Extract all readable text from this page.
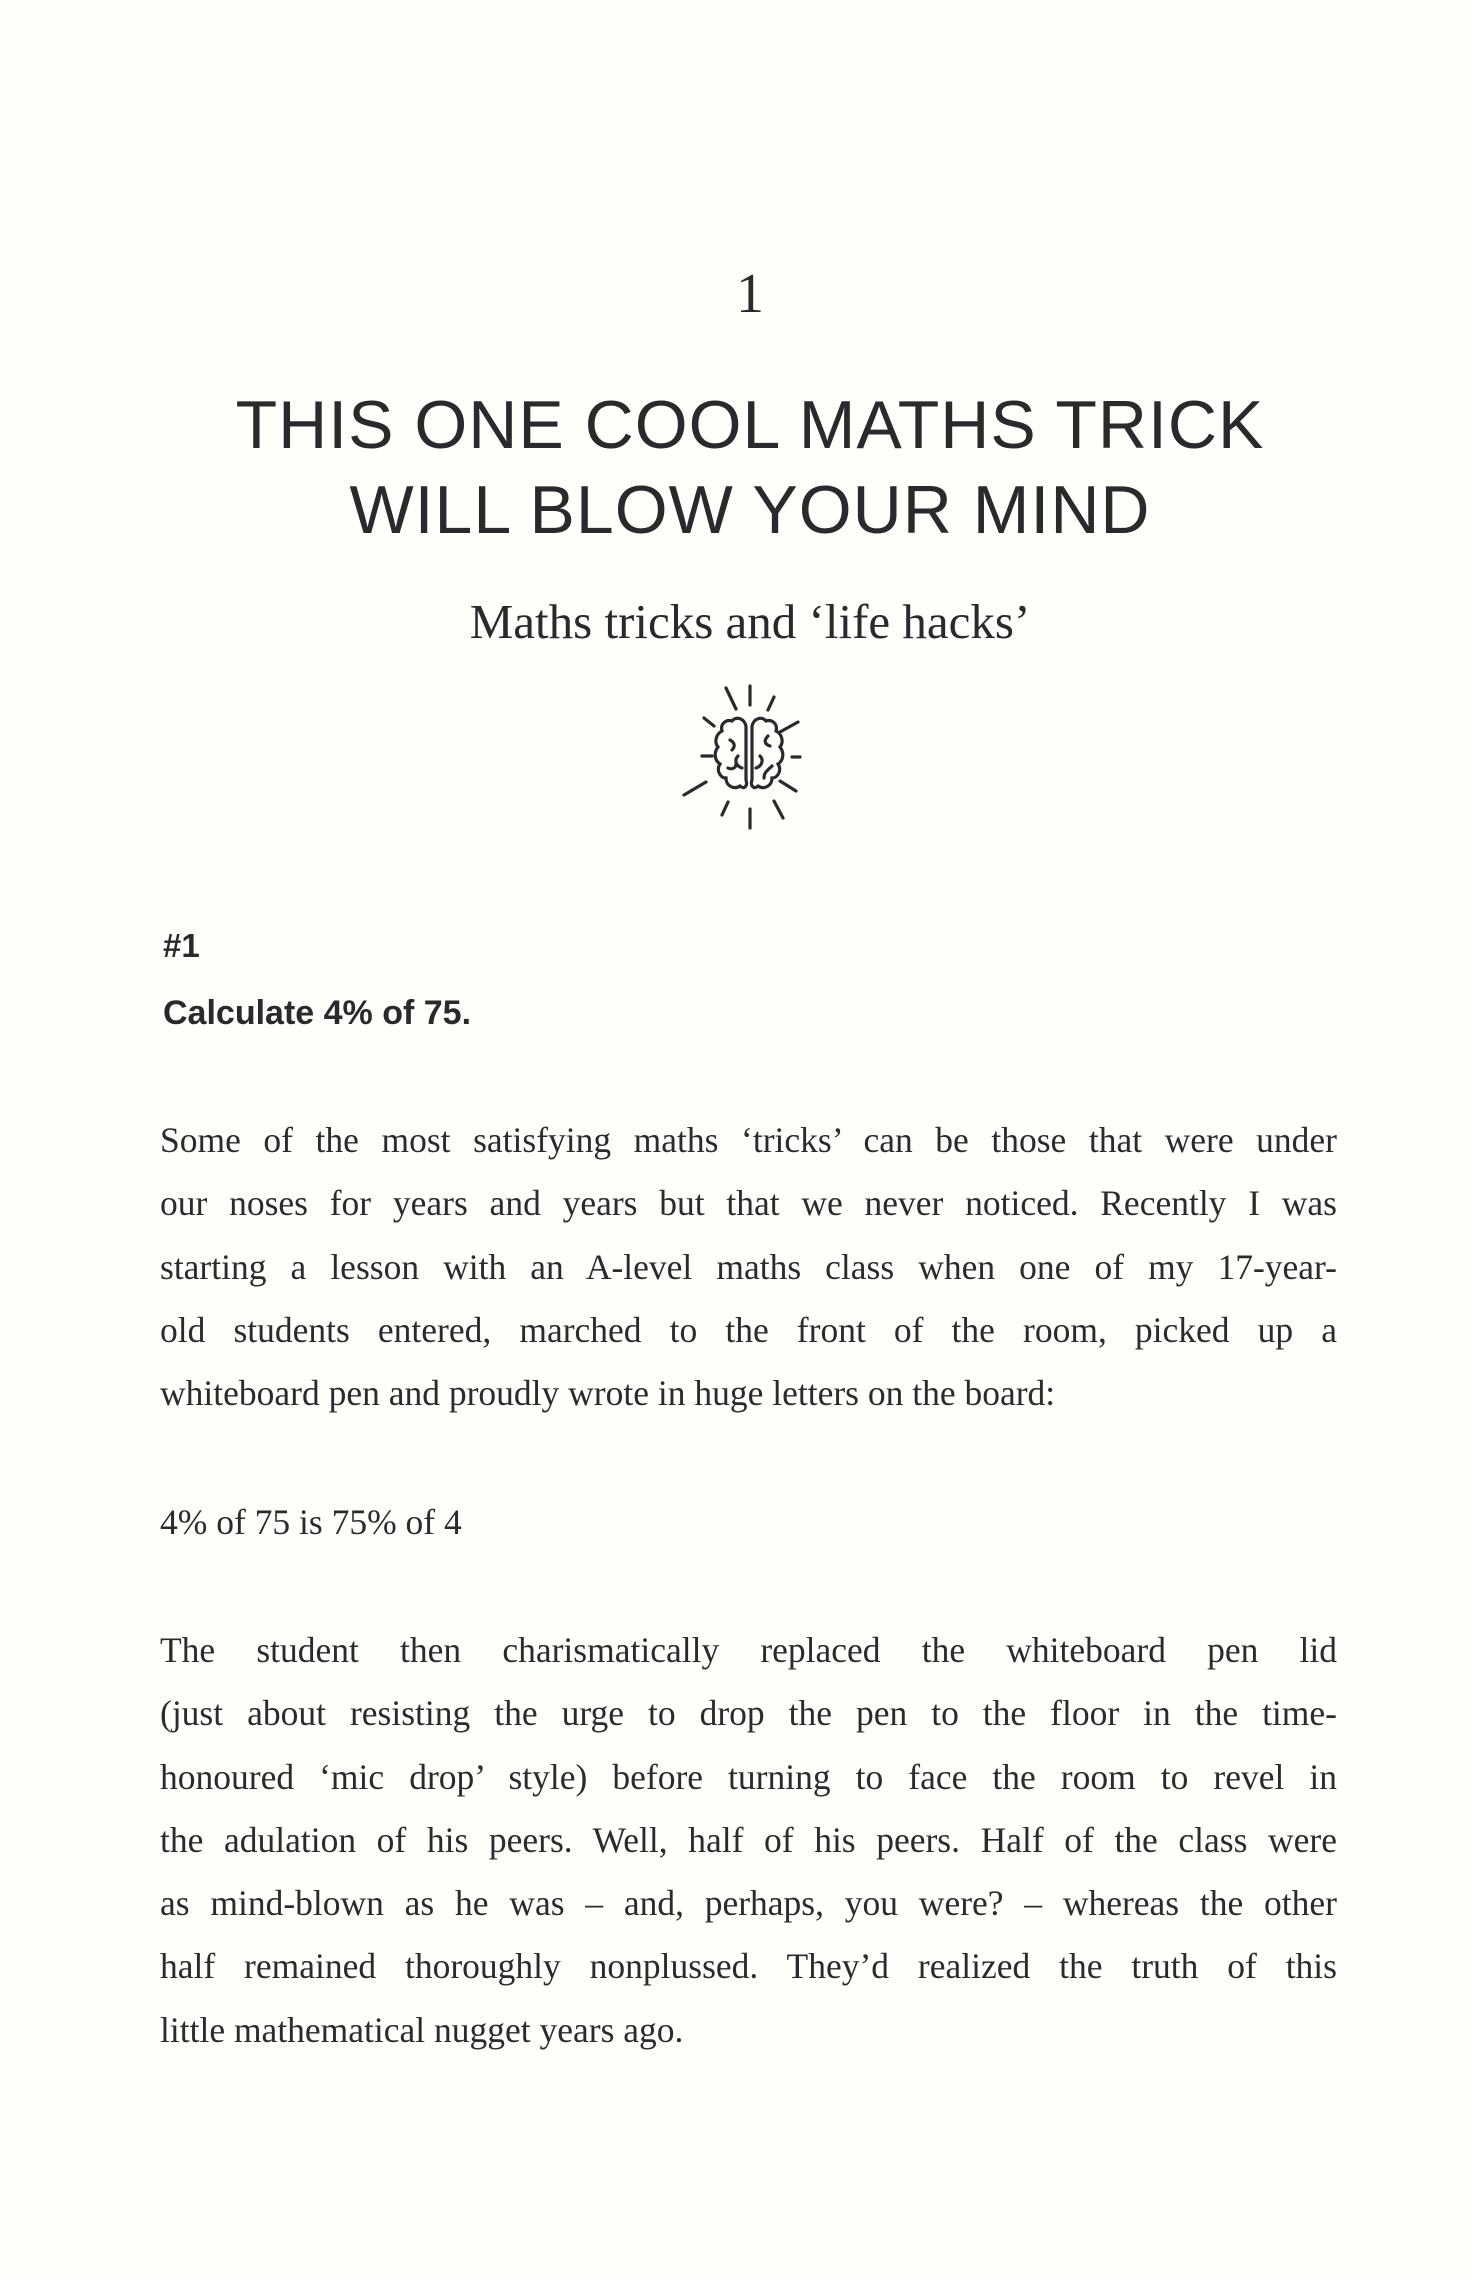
1
THIS ONE COOL MATHS TRICK
WILL BLOW YOUR MIND
Maths tricks and ‘life hacks’
#1
Calculate 4% of 75.

Some of the most satisfying maths ‘tricks’ can be those that were under
our noses for years and years but that we never noticed. Recently I was
starting a lesson with an A-level maths class when one of my 17-year-
old students entered, marched to the front of the room, picked up a
whiteboard pen and proudly wrote in huge letters on the board:

4% of 75 is 75% of 4

The student then charismatically replaced the whiteboard pen lid
(just about resisting the urge to drop the pen to the floor in the time-
honoured ‘mic drop’ style) before turning to face the room to revel in
the adulation of his peers. Well, half of his peers. Half of the class were
as mind-blown as he was – and, perhaps, you were? – whereas the other
half remained thoroughly nonplussed. They’d realized the truth of this
little mathematical nugget years ago.
